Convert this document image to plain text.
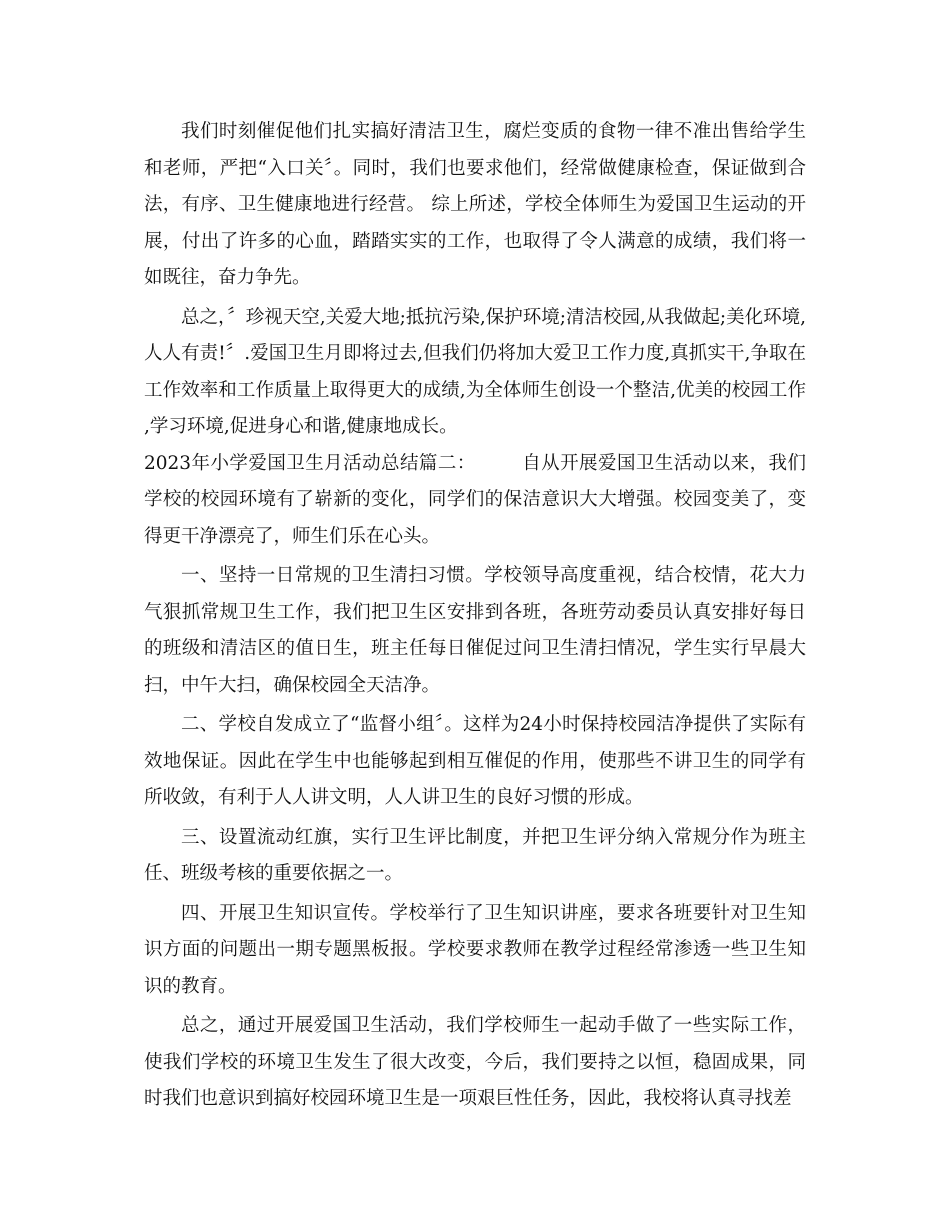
我们时刻催促他们扎实搞好清洁卫生，腐烂变质的食物一律不准出售给学生和老师，严把“入口关〞。同时，我们也要求他们，经常做健康检查，保证做到合法，有序、卫生健康地进行经营。 综上所述，学校全体师生为爱国卫生运动的开展，付出了许多的心血，踏踏实实的工作，也取得了令人满意的成绩，我们将一如既往，奋力争先。

总之，〞珍视天空,关爱大地;抵抗污染,保护环境;清洁校园,从我做起;美化环境,人人有责!〞.爱国卫生月即将过去,但我们仍将加大爱卫工作力度,真抓实干,争取在工作效率和工作质量上取得更大的成绩,为全体师生创设一个整洁,优美的校园工作,学习环境,促进身心和谐,健康地成长。

2023年小学爱国卫生月活动总结篇二： 自从开展爱国卫生活动以来，我们学校的校园环境有了崭新的变化，同学们的保洁意识大大增强。校园变美了，变得更干净漂亮了，师生们乐在心头。

一、坚持一日常规的卫生清扫习惯。学校领导高度重视，结合校情，花大力气狠抓常规卫生工作，我们把卫生区安排到各班，各班劳动委员认真安排好每日的班级和清洁区的值日生，班主任每日催促过问卫生清扫情况，学生实行早晨大扫，中午大扫，确保校园全天洁净。

二、学校自发成立了“监督小组〞。这样为24小时保持校园洁净提供了实际有效地保证。因此在学生中也能够起到相互催促的作用，使那些不讲卫生的同学有所收敛，有利于人人讲文明，人人讲卫生的良好习惯的形成。

三、设置流动红旗，实行卫生评比制度，并把卫生评分纳入常规分作为班主任、班级考核的重要依据之一。

四、开展卫生知识宣传。学校举行了卫生知识讲座，要求各班要针对卫生知识方面的问题出一期专题黑板报。学校要求教师在教学过程经常渗透一些卫生知识的教育。

总之，通过开展爱国卫生活动，我们学校师生一起动手做了一些实际工作，使我们学校的环境卫生发生了很大改变，今后，我们要持之以恒，稳固成果，同时我们也意识到搞好校园环境卫生是一项艰巨性任务，因此，我校将认真寻找差
